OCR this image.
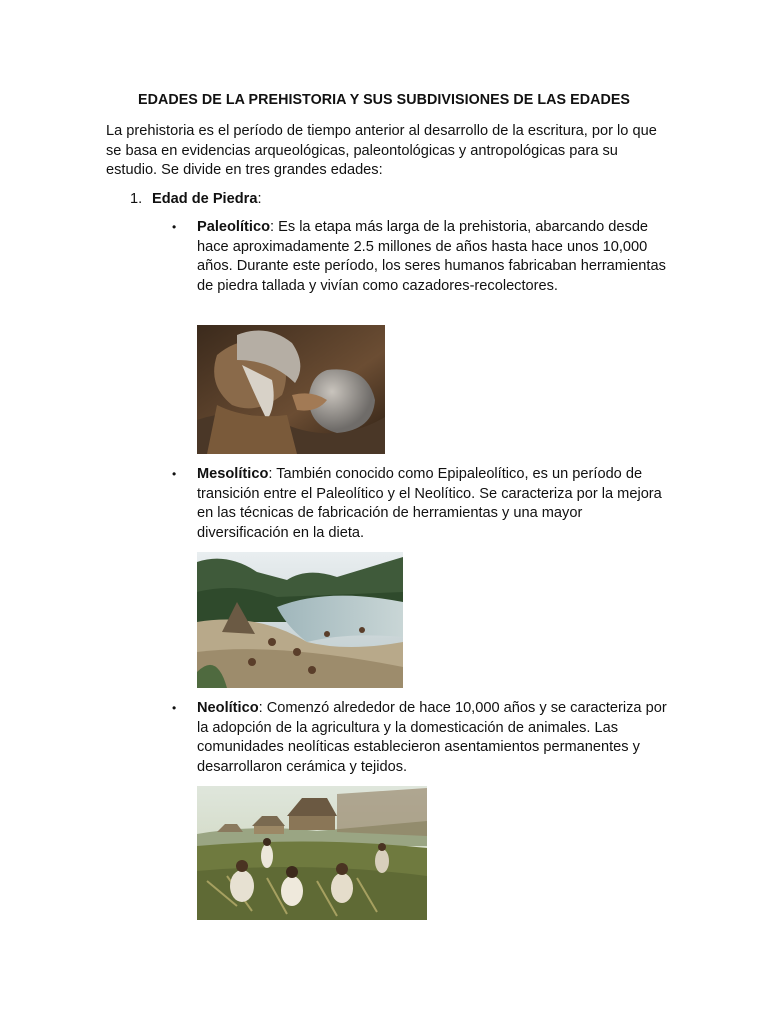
EDADES DE LA PREHISTORIA Y SUS SUBDIVISIONES DE LAS EDADES

La prehistoria es el período de tiempo anterior al desarrollo de la escritura, por lo que se basa en evidencias arqueológicas, paleontológicas y antropológicas para su estudio. Se divide en tres grandes edades:

1. Edad de Piedra:
•	Paleolítico: Es la etapa más larga de la prehistoria, abarcando desde hace aproximadamente 2.5 millones de años hasta hace unos 10,000 años. Durante este período, los seres humanos fabricaban herramientas de piedra tallada y vivían como cazadores-recolectores.
•	Mesolítico: También conocido como Epipaleolítico, es un período de transición entre el Paleolítico y el Neolítico. Se caracteriza por la mejora en las técnicas de fabricación de herramientas y una mayor diversificación en la dieta.
•	Neolítico: Comenzó alrededor de hace 10,000 años y se caracteriza por la adopción de la agricultura y la domesticación de animales. Las comunidades neolíticas establecieron asentamientos permanentes y desarrollaron cerámica y tejidos.
